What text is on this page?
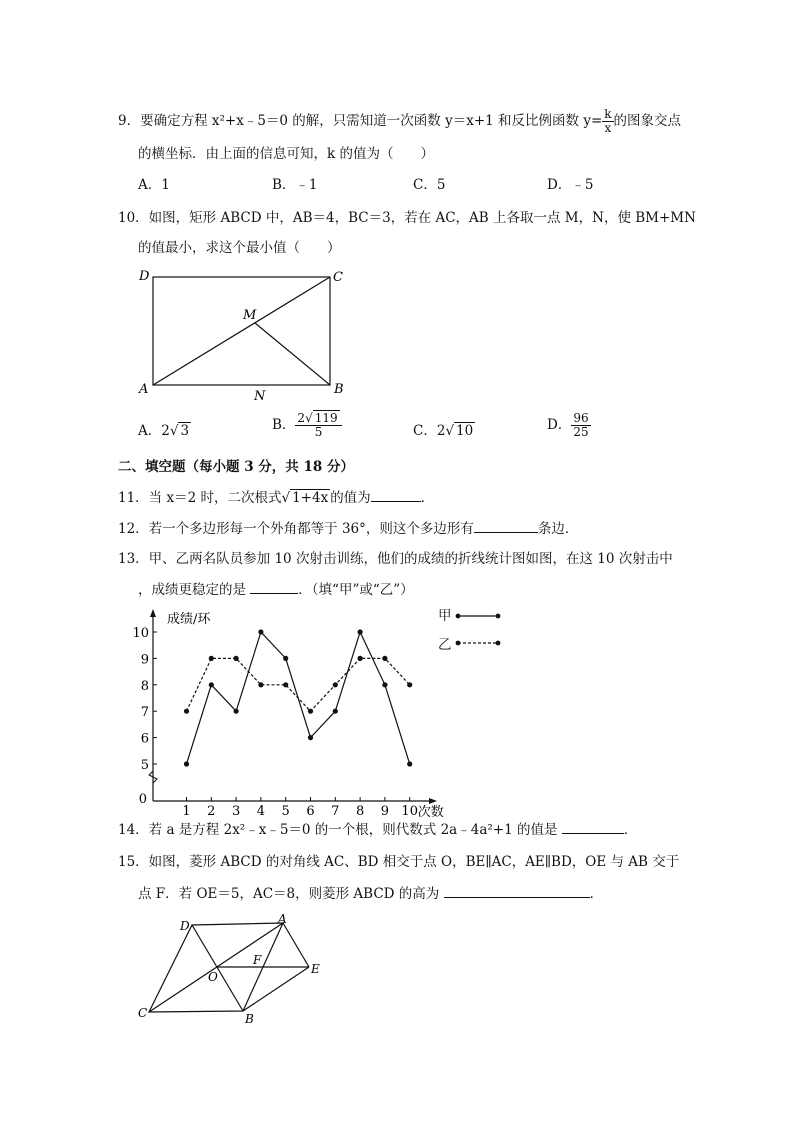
9．要确定方程 x²+x﹣5＝0 的解，只需知道一次函数 y＝x+1 和反比例函数 $y= \frac{k}{x}$ 的图象交点
的横坐标．由上面的信息可知，k 的值为（　　）
A．1	B．﹣1	C．5	D．﹣5
10．如图，矩形 ABCD 中，AB＝4，BC＝3，若在 AC，AB 上各取一点 M，N，使 BM+MN
的值最小，求这个最小值（　　）
D	C
M
A	N	B
A．2√ 3	B． $\frac{2√ 119}{5}$	C．2√ 10	D． $\frac{96}{25}$
二、填空题（每小题 3 分，共 18 分）
11．当 x＝2 时，二次根式√ 1+4x 的值为	．
12．若一个多边形每一个外角都等于 36°，则这个多边形有	条边．
13．甲、乙两名队员参加 10 次射击训练，他们的成绩的折线统计图如图，在这 10 次射击中
，成绩更稳定的是	．（填“甲”或“乙”）
5
6
7
8
9
10
1 2 3 4 5 6 7 8 9 10
0
成绩/环
次数
甲
乙
14．若 a 是方程 2x²﹣x﹣5＝0 的一个根，则代数式 2a﹣4a²+1 的值是	．
15．如图，菱形 ABCD 的对角线 AC、BD 相交于点 O，BE∥AC，AE∥BD，OE 与 AB 交于
点 F．若 OE＝5，AC＝8，则菱形 ABCD 的高为	．
D	A
F
E
O
C	B
